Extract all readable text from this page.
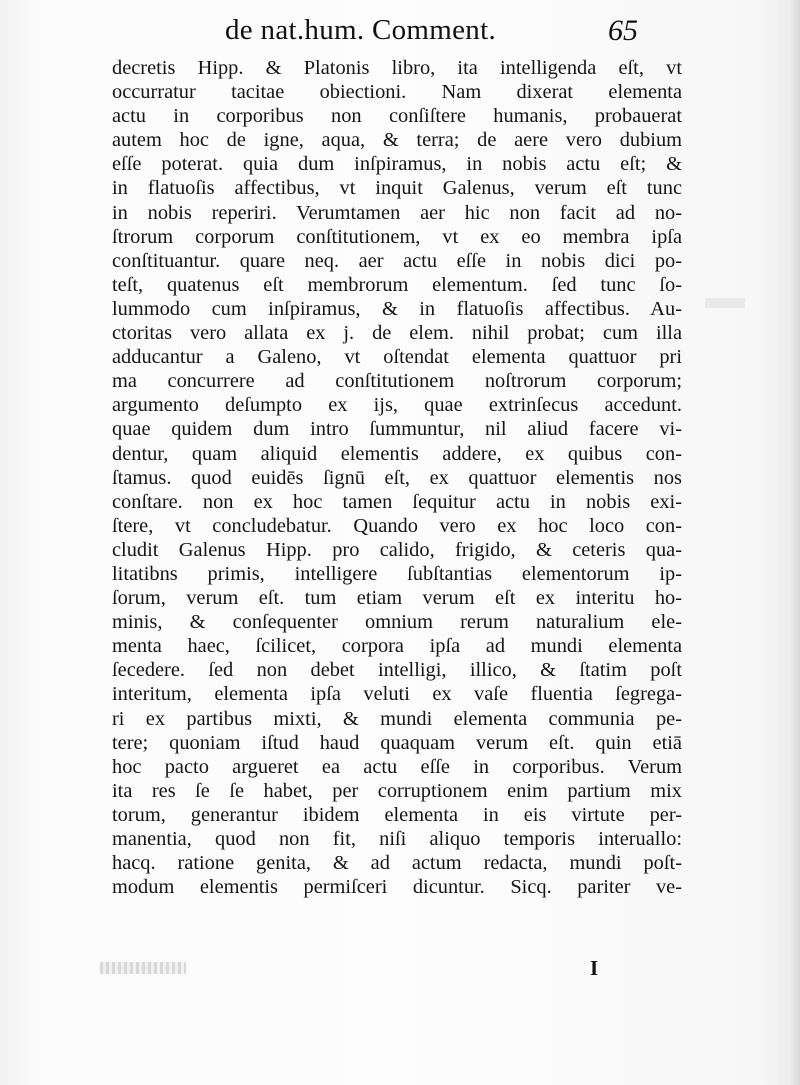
de nat.hum. Comment.	65
decretis Hipp. & Platonis libro, ita intelligenda eſt, vt
occurratur tacitae obiectioni. Nam dixerat elementa
actu in corporibus non conſiſtere humanis, probauerat
autem hoc de igne, aqua, & terra; de aere vero dubium
eſſe poterat. quia dum inſpiramus, in nobis actu eſt; &
in flatuoſis affectibus, vt inquit Galenus, verum eſt tunc
in nobis reperiri. Verumtamen aer hic non facit ad no-
ſtrorum corporum conſtitutionem, vt ex eo membra ipſa
conſtituantur. quare neq. aer actu eſſe in nobis dici po-
teſt, quatenus eſt membrorum elementum. ſed tunc ſo-
lummodo cum inſpiramus, & in flatuoſis affectibus. Au-
ctoritas vero allata ex j. de elem. nihil probat; cum illa
adducantur a Galeno, vt oſtendat elementa quattuor pri
ma concurrere ad conſtitutionem noſtrorum corporum;
argumento deſumpto ex ijs, quae extrinſecus accedunt.
quae quidem dum intro ſummuntur, nil aliud facere vi-
dentur, quam aliquid elementis addere, ex quibus con-
ſtamus. quod euidēs ſignū eſt, ex quattuor elementis nos
conſtare. non ex hoc tamen ſequitur actu in nobis exi-
ſtere, vt concludebatur. Quando vero ex hoc loco con-
cludit Galenus Hipp. pro calido, frigido, & ceteris qua-
litatibns primis, intelligere ſubſtantias elementorum ip-
ſorum, verum eſt. tum etiam verum eſt ex interitu ho-
minis, & conſequenter omnium rerum naturalium ele-
menta haec, ſcilicet, corpora ipſa ad mundi elementa
ſecedere. ſed non debet intelligi, illico, & ſtatim poſt
interitum, elementa ipſa veluti ex vaſe fluentia ſegrega-
ri ex partibus mixti, & mundi elementa communia pe-
tere; quoniam iſtud haud quaquam verum eſt. quin etiā
hoc pacto argueret ea actu eſſe in corporibus. Verum
ita res ſe ſe habet, per corruptionem enim partium mix
torum, generantur ibidem elementa in eis virtute per-
manentia, quod non fit, niſi aliquo temporis interuallo:
hacq. ratione genita, & ad actum redacta, mundi poſt-
modum elementis permiſceri dicuntur. Sicq. pariter ve-
I
